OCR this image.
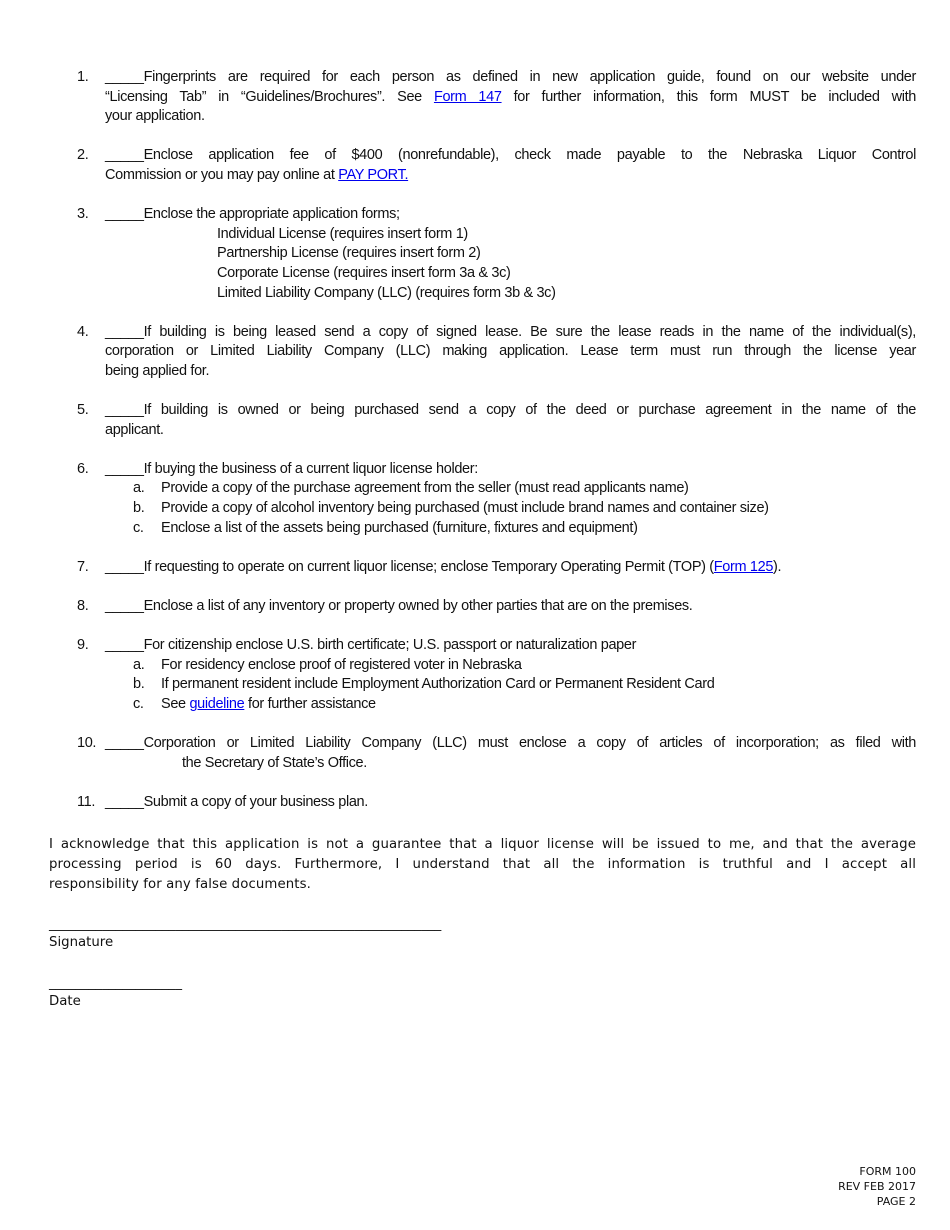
1. _____Fingerprints are required for each person as defined in new application guide, found on our website under
“Licensing Tab” in “Guidelines/Brochures”. See Form 147 for further information, this form MUST be included with
your application.
2. _____Enclose application fee of $400 (nonrefundable), check made payable to the Nebraska Liquor Control
Commission or you may pay online at PAY PORT.
3. _____Enclose the appropriate application forms;
Individual License (requires insert form 1)
Partnership License (requires insert form 2)
Corporate License (requires insert form 3a & 3c)
Limited Liability Company (LLC) (requires form 3b & 3c)
4. _____If building is being leased send a copy of signed lease. Be sure the lease reads in the name of the individual(s),
corporation or Limited Liability Company (LLC) making application. Lease term must run through the license year
being applied for.
5. _____If building is owned or being purchased send a copy of the deed or purchase agreement in the name of the
applicant.
6. _____If buying the business of a current liquor license holder:
a. Provide a copy of the purchase agreement from the seller (must read applicants name)
b. Provide a copy of alcohol inventory being purchased (must include brand names and container size)
c. Enclose a list of the assets being purchased (furniture, fixtures and equipment)
7. _____If requesting to operate on current liquor license; enclose Temporary Operating Permit (TOP) (Form 125).
8. _____Enclose a list of any inventory or property owned by other parties that are on the premises.
9. _____For citizenship enclose U.S. birth certificate; U.S. passport or naturalization paper
a. For residency enclose proof of registered voter in Nebraska
b. If permanent resident include Employment Authorization Card or Permanent Resident Card
c. See guideline for further assistance
10. _____Corporation or Limited Liability Company (LLC) must enclose a copy of articles of incorporation; as filed with
the Secretary of State’s Office.
11. _____Submit a copy of your business plan.
I acknowledge that this application is not a guarantee that a liquor license will be issued to me, and that the average
processing period is 60 days. Furthermore, I understand that all the information is truthful and I accept all
responsibility for any false documents.
___________________________________________________________
Signature
____________________
Date
FORM 100
REV FEB 2017
PAGE 2
